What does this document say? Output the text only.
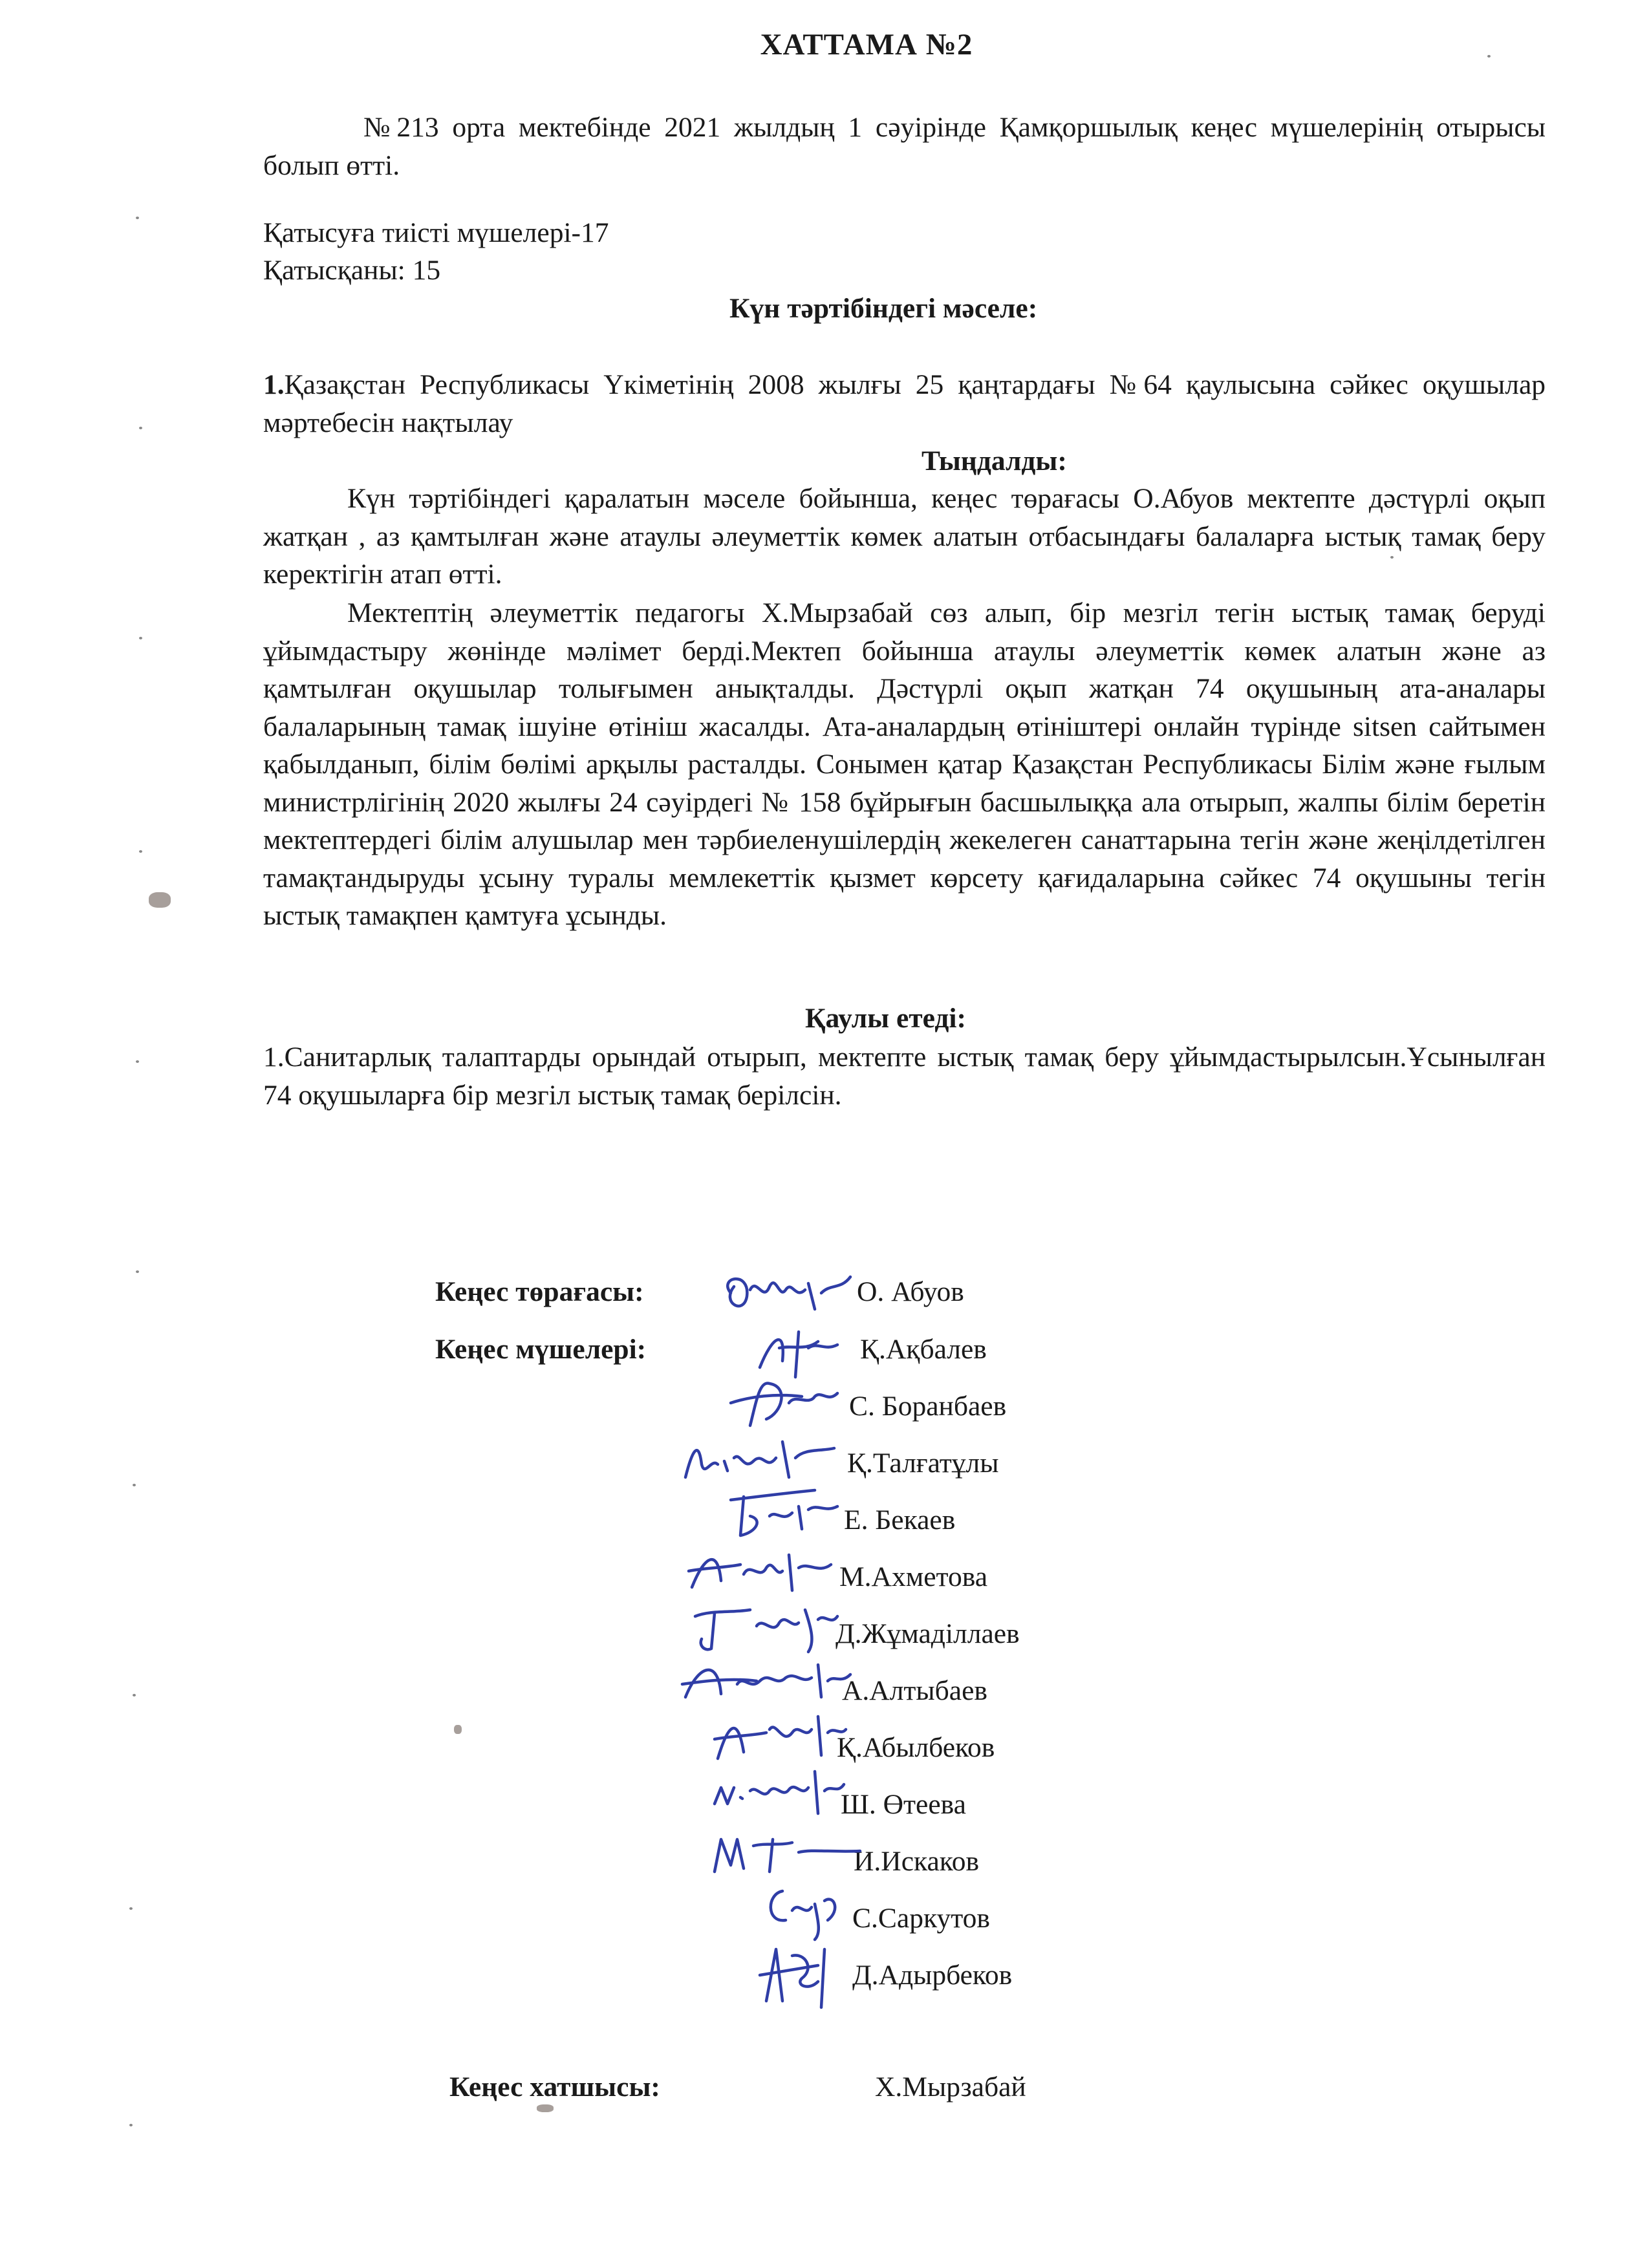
ХАТТАМА №2
№213 орта мектебінде 2021 жылдың 1 сәуірінде Қамқоршылық кеңес мүшелерінің отырысы болып өтті.
Қатысуға тиісті мүшелері-17
Қатысқаны: 15
Күн тәртібіндегі мәселе:
1.Қазақстан Республикасы Үкіметінің 2008 жылғы 25 қаңтардағы №64 қаулысына сәйкес оқушылар мәртебесін нақтылау
Тыңдалды:
Күн тәртібіндегі қаралатын мәселе бойынша, кеңес төрағасы О.Абуов мектепте дәстүрлі оқып жатқан , аз қамтылған және атаулы әлеуметтік көмек алатын отбасындағы балаларға ыстық тамақ беру керектігін атап өтті.
Мектептің әлеуметтік педагогы Х.Мырзабай сөз алып, бір мезгіл тегін ыстық тамақ беруді ұйымдастыру жөнінде мәлімет берді.Мектеп бойынша атаулы әлеуметтік көмек алатын және аз қамтылған оқушылар толығымен анықталды. Дәстүрлі оқып жатқан 74 оқушының ата-аналары балаларының тамақ ішуіне өтініш жасалды. Ата-аналардың өтініштері онлайн түрінде sitsen сайтымен қабылданып, білім бөлімі арқылы расталды. Сонымен қатар Қазақстан Республикасы Білім және ғылым министрлігінің 2020 жылғы 24 сәуірдегі № 158 бұйрығын басшылыққа ала отырып, жалпы білім беретін мектептердегі білім алушылар мен тәрбиеленушілердің жекелеген санаттарына тегін және жеңілдетілген тамақтандыруды ұсыну туралы мемлекеттік қызмет көрсету қағидаларына сәйкес 74 оқушыны тегін ыстық тамақпен қамтуға ұсынды.
Қаулы етеді:
1.Санитарлық талаптарды орындай отырып, мектепте ыстық тамақ беру ұйымдастырылсын.Ұсынылған 74 оқушыларға бір мезгіл ыстық тамақ берілсін.
Кеңес төрағасы:	О. Абуов
Кеңес мүшелері:	Қ.Ақбалев
С. Боранбаев
Қ.Талғатұлы
Е. Бекаев
М.Ахметова
Д.Жұмаділлаев
А.Алтыбаев
Қ.Абылбеков
Ш. Өтеева
И.Искаков
С.Саркутов
Д.Адырбеков
Кеңес хатшысы:	Х.Мырзабай
